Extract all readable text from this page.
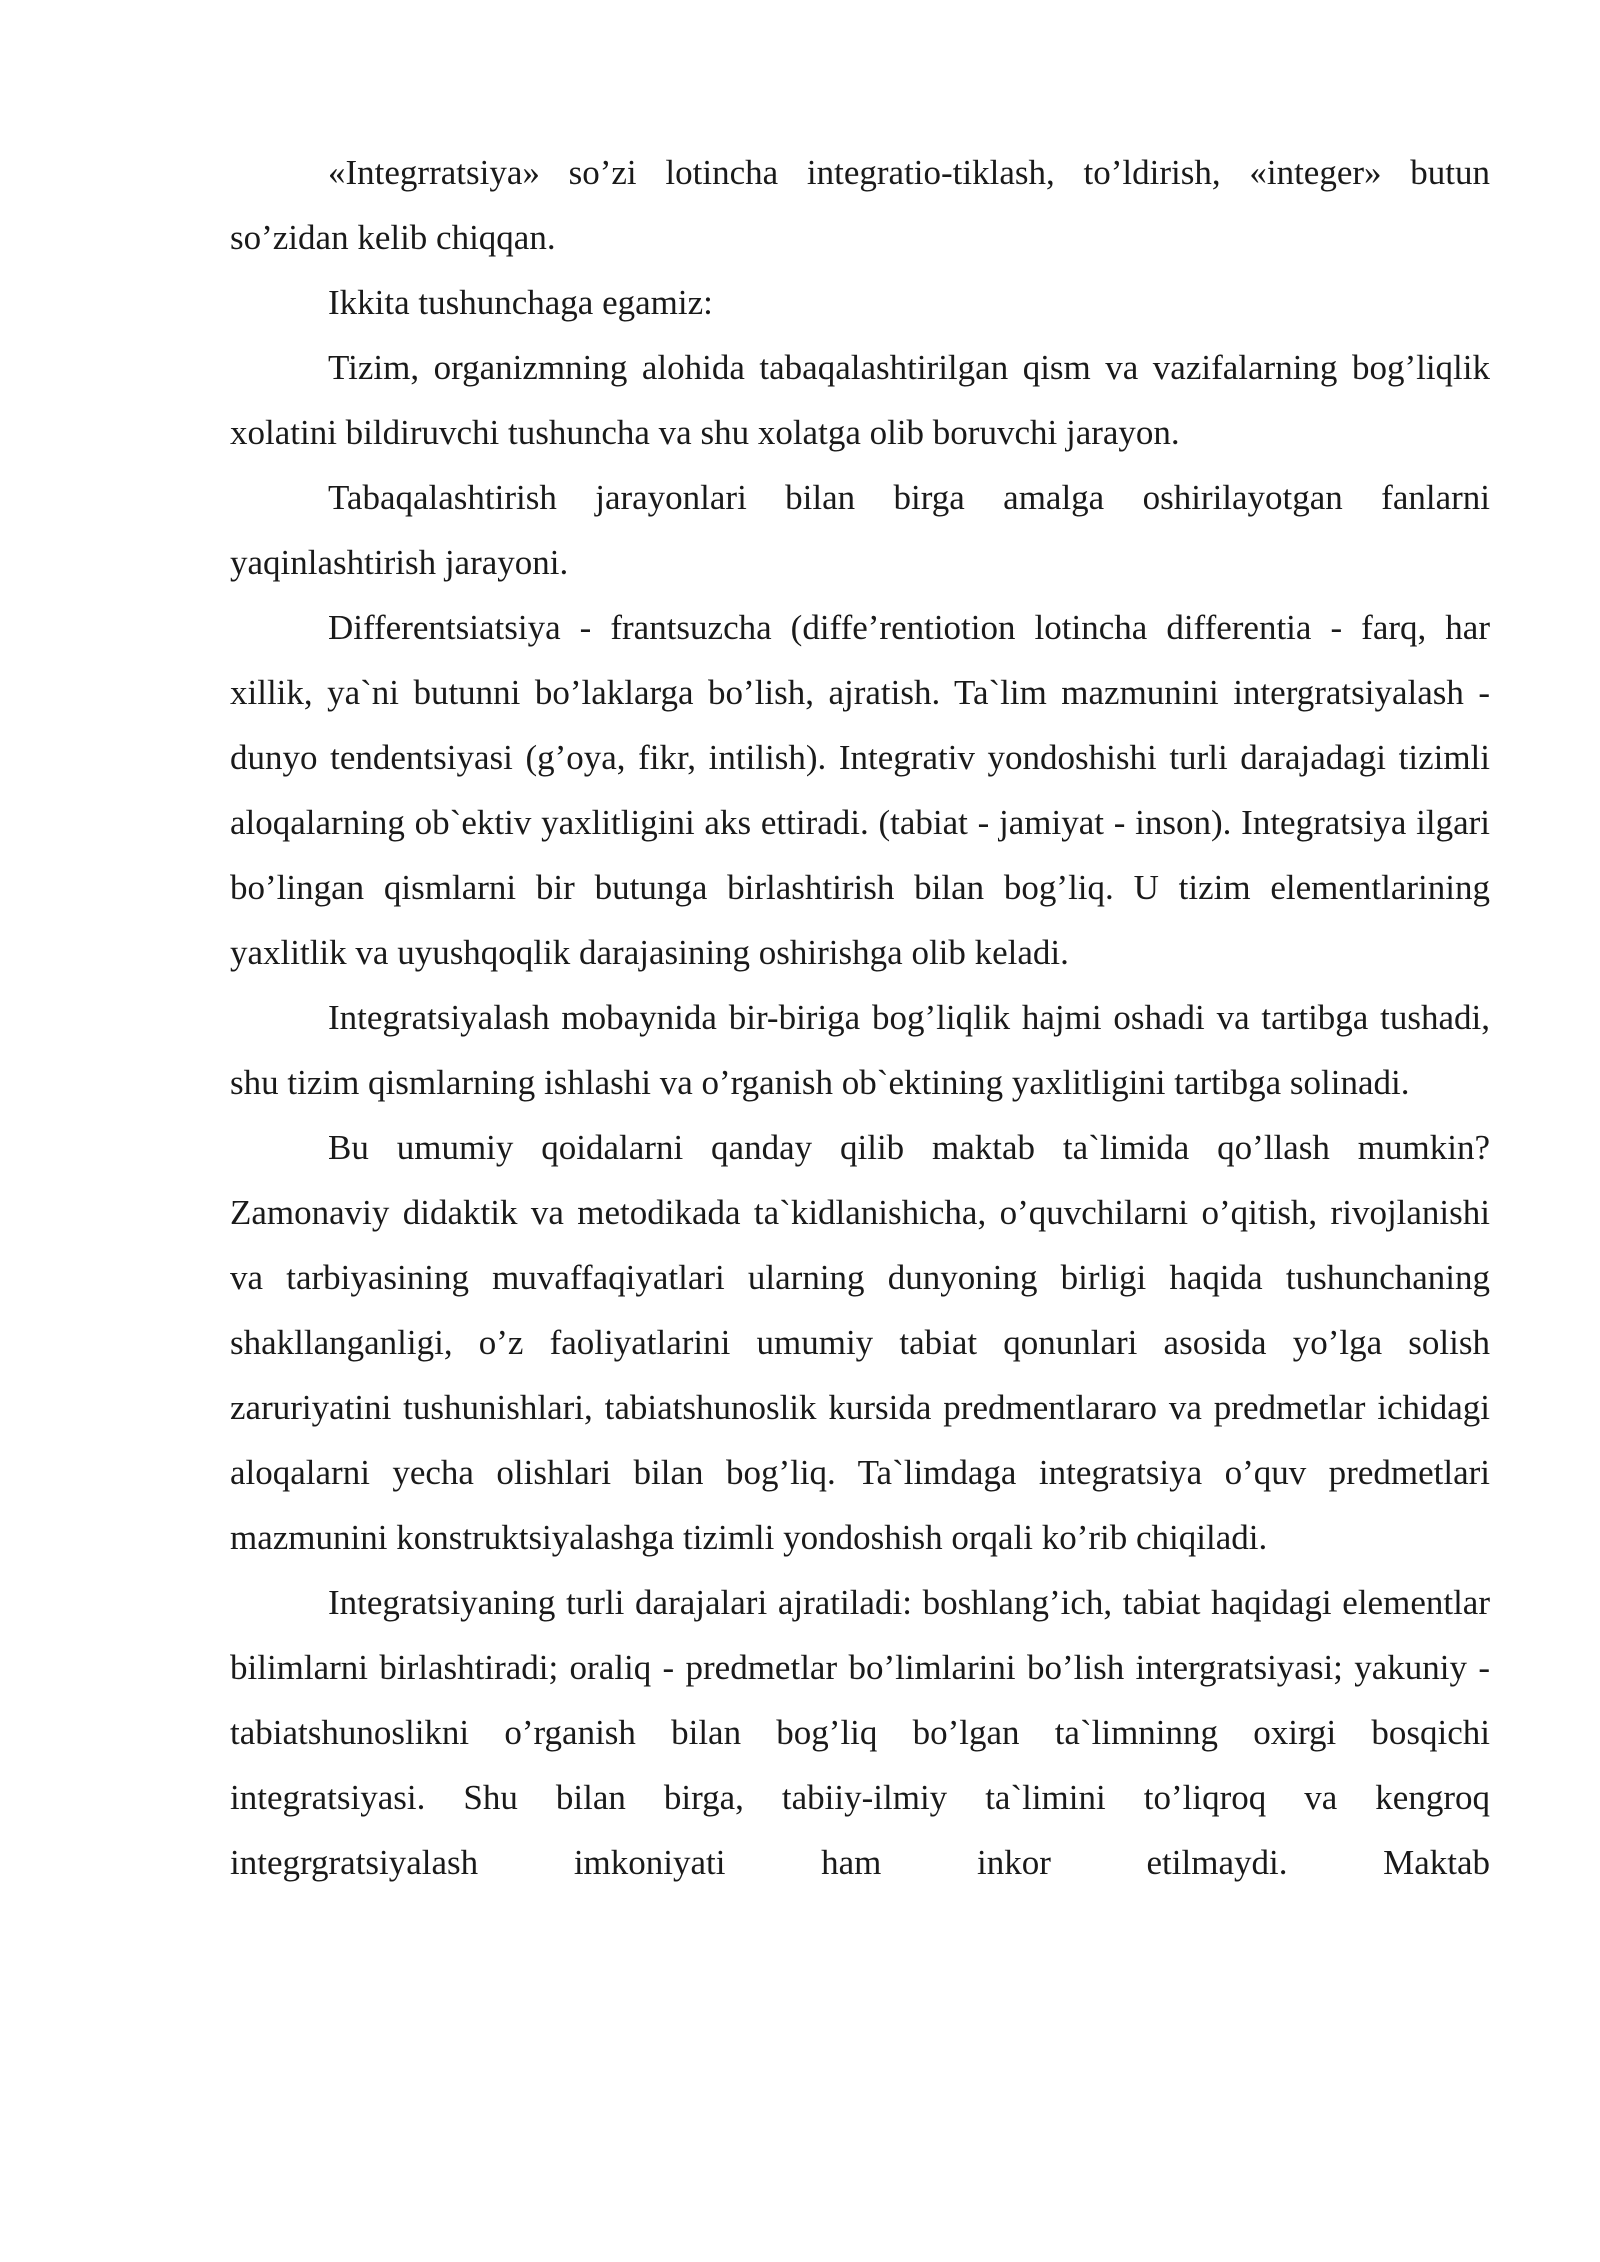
«Integrratsiya» so’zi lotincha integratio-tiklash, to’ldirish, «integer» butun so’zidan kelib chiqqan.

Ikkita tushunchaga egamiz:

Tizim, organizmning alohida tabaqalashtirilgan qism va vazifalarning bog’liqlik xolatini bildiruvchi tushuncha va shu xolatga olib boruvchi jarayon.

Tabaqalashtirish jarayonlari bilan birga amalga oshirilayotgan fanlarni yaqinlashtirish jarayoni.

Differentsiatsiya - frantsuzcha (diffe’rentiotion lotincha differentia - farq, har xillik, ya`ni butunni bo’laklarga bo’lish, ajratish. Ta`lim mazmunini intergratsiyalash - dunyo tendentsiyasi (g’oya, fikr, intilish). Integrativ yondoshishi turli darajadagi tizimli aloqalarning ob`ektiv yaxlitligini aks ettiradi. (tabiat - jamiyat - inson). Integratsiya ilgari bo’lingan qismlarni bir butunga birlashtirish bilan bog’liq. U tizim elementlarining yaxlitlik va uyushqoqlik darajasining oshirishga olib keladi.

Integratsiyalash mobaynida bir-biriga bog’liqlik hajmi oshadi va tartibga tushadi, shu tizim qismlarning ishlashi va o’rganish ob`ektining yaxlitligini tartibga solinadi.

Bu umumiy qoidalarni qanday qilib maktab ta`limida qo’llash mumkin? Zamonaviy didaktik va metodikada ta`kidlanishicha, o’quvchilarni o’qitish, rivojlanishi va tarbiyasining muvaffaqiyatlari ularning dunyoning birligi haqida tushunchaning shakllanganligi, o’z faoliyatlarini umumiy tabiat qonunlari asosida yo’lga solish zaruriyatini tushunishlari, tabiatshunoslik kursida predmentlararo va predmetlar ichidagi aloqalarni yecha olishlari bilan bog’liq. Ta`limdaga integratsiya o’quv predmetlari mazmunini konstruktsiyalashga tizimli yondoshish orqali ko’rib chiqiladi.

Integratsiyaning turli darajalari ajratiladi: boshlang’ich, tabiat haqidagi elementlar bilimlarni birlashtiradi; oraliq - predmetlar bo’limlarini bo’lish intergratsiyasi; yakuniy - tabiatshunoslikni o’rganish bilan bog’liq bo’lgan ta`limninng oxirgi bosqichi integratsiyasi. Shu bilan birga, tabiiy-ilmiy ta`limini to’liqroq va kengroq integrgratsiyalash imkoniyati ham inkor etilmaydi. Maktab
